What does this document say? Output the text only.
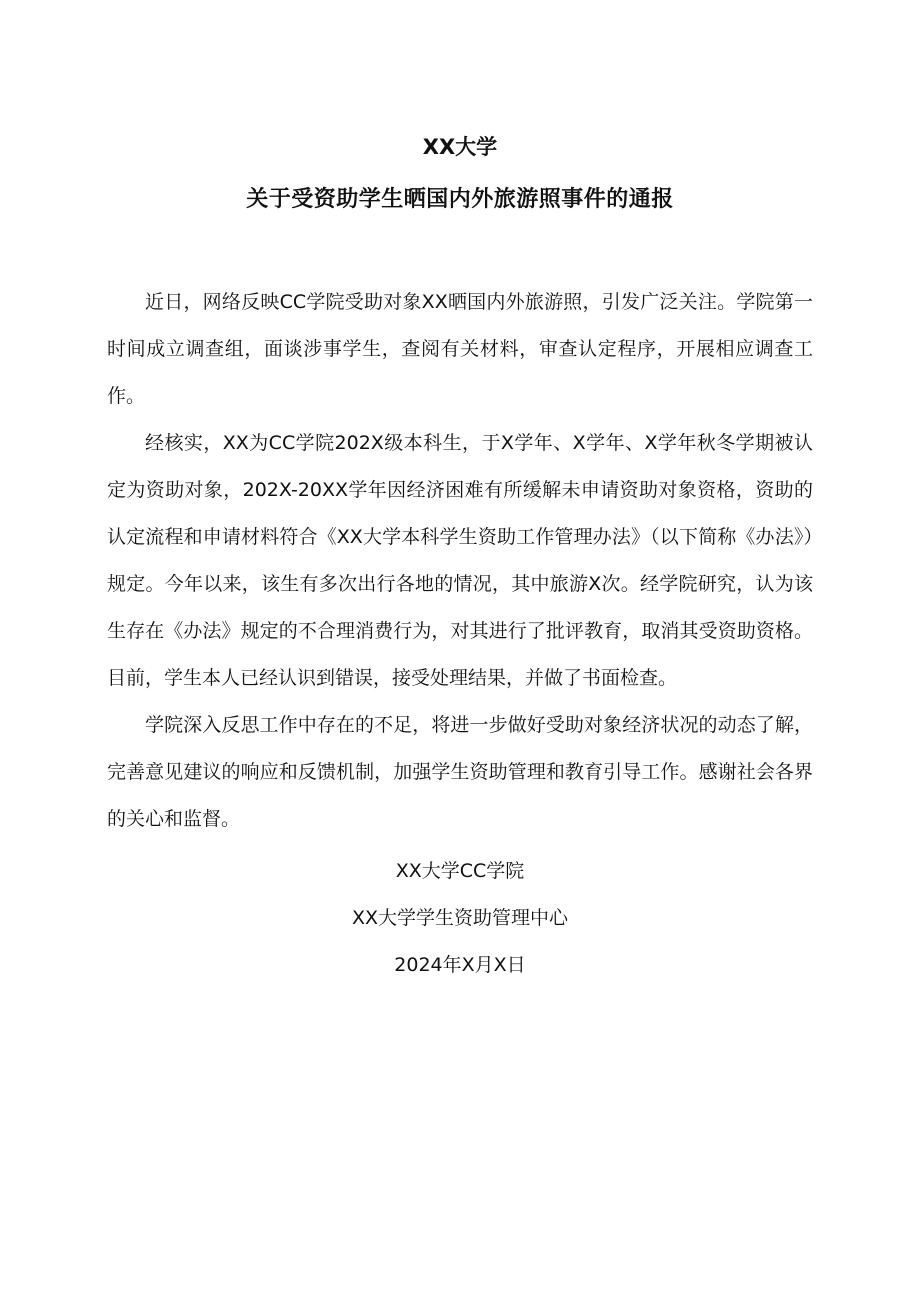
XX大学
关于受资助学生晒国内外旅游照事件的通报

近日，网络反映CC学院受助对象XX晒国内外旅游照，引发广泛关注。学院第一时间成立调查组，面谈涉事学生，查阅有关材料，审查认定程序，开展相应调查工作。

经核实，XX为CC学院202X级本科生，于X学年、X学年、X学年秋冬学期被认定为资助对象，202X-20XX学年因经济困难有所缓解未申请资助对象资格，资助的认定流程和申请材料符合《XX大学本科学生资助工作管理办法》（以下简称《办法》）规定。今年以来，该生有多次出行各地的情况，其中旅游X次。经学院研究，认为该生存在《办法》规定的不合理消费行为，对其进行了批评教育，取消其受资助资格。目前，学生本人已经认识到错误，接受处理结果，并做了书面检查。

学院深入反思工作中存在的不足，将进一步做好受助对象经济状况的动态了解，完善意见建议的响应和反馈机制，加强学生资助管理和教育引导工作。感谢社会各界的关心和监督。

XX大学CC学院

XX大学学生资助管理中心

2024年X月X日
